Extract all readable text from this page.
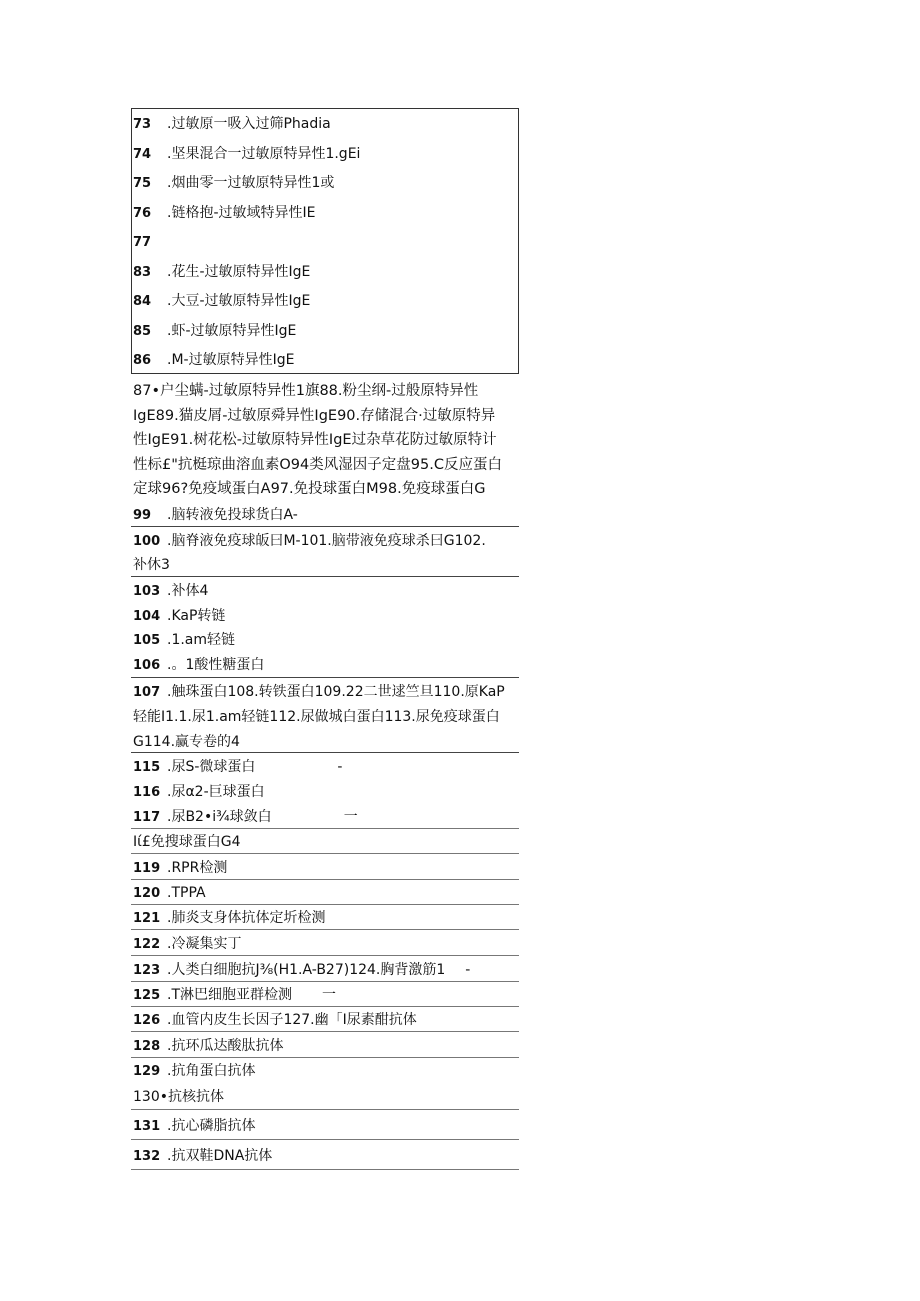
73 .过敏原一吸入过筛Phadia
74 .坚果混合一过敏原特异性1.gEi
75 .烟曲零一过敏原特异性1或
76 .链格抱-过敏域特异性IE
77
83 .花生-过敏原特异性IgE
84 .大豆-过敏原特异性IgE
85 .虾-过敏原特异性IgE
86 .M-过敏原特异性IgE
87•户尘螨-过敏原特异性1旗88.粉尘纲-过般原特异性
IgE89.猫皮屑-过敏原舜异性IgE90.存储混合·过敏原特异
性IgE91.树花松-过敏原特异性IgE过杂草花防过敏原特计
性标£"抗梃琼曲溶血素O94类风湿因子定盘95.C反应蛋白
定球96?免疫域蛋白A97.免投球蛋白M98.免疫球蛋白G
99 .脑转液免投球货白A-
100 .脑脊液免疫球皈曰M-101.脑带液免疫球杀曰G102.
补休3
103 .补体4
104 .KaP转链
105 .1.am轻链
106 .。1酸性糖蛋白
107 .触珠蛋白108.转铁蛋白109.22二世逑竺旦110.原KaP
轻能I1.1.尿1.am轻链112.尿做城白蛋白113.尿免疫球蛋白
G114.赢专卷的4
115 .尿S-微球蛋白	-
116 .尿α2-巨球蛋白
117 .尿B2•i¾球敛白	一
Iί£免搜球蛋白G4
119 .RPR检测
120 .TPPA
121 .肺炎支身体抗体定圻检测
122 .冷凝集实丁
123 .人类白细胞抗J⅜(H1.A-B27)124.胸背激筋1 -
125 .T淋巴细胞亚群检测 一
126 .血管内皮生长因子127.幽「I尿素酣抗体
128 .抗环瓜达酸肽抗体
129 .抗角蛋白抗体
130•抗核抗体
131 .抗心磷脂抗体
132 .抗双鞋DNA抗体
